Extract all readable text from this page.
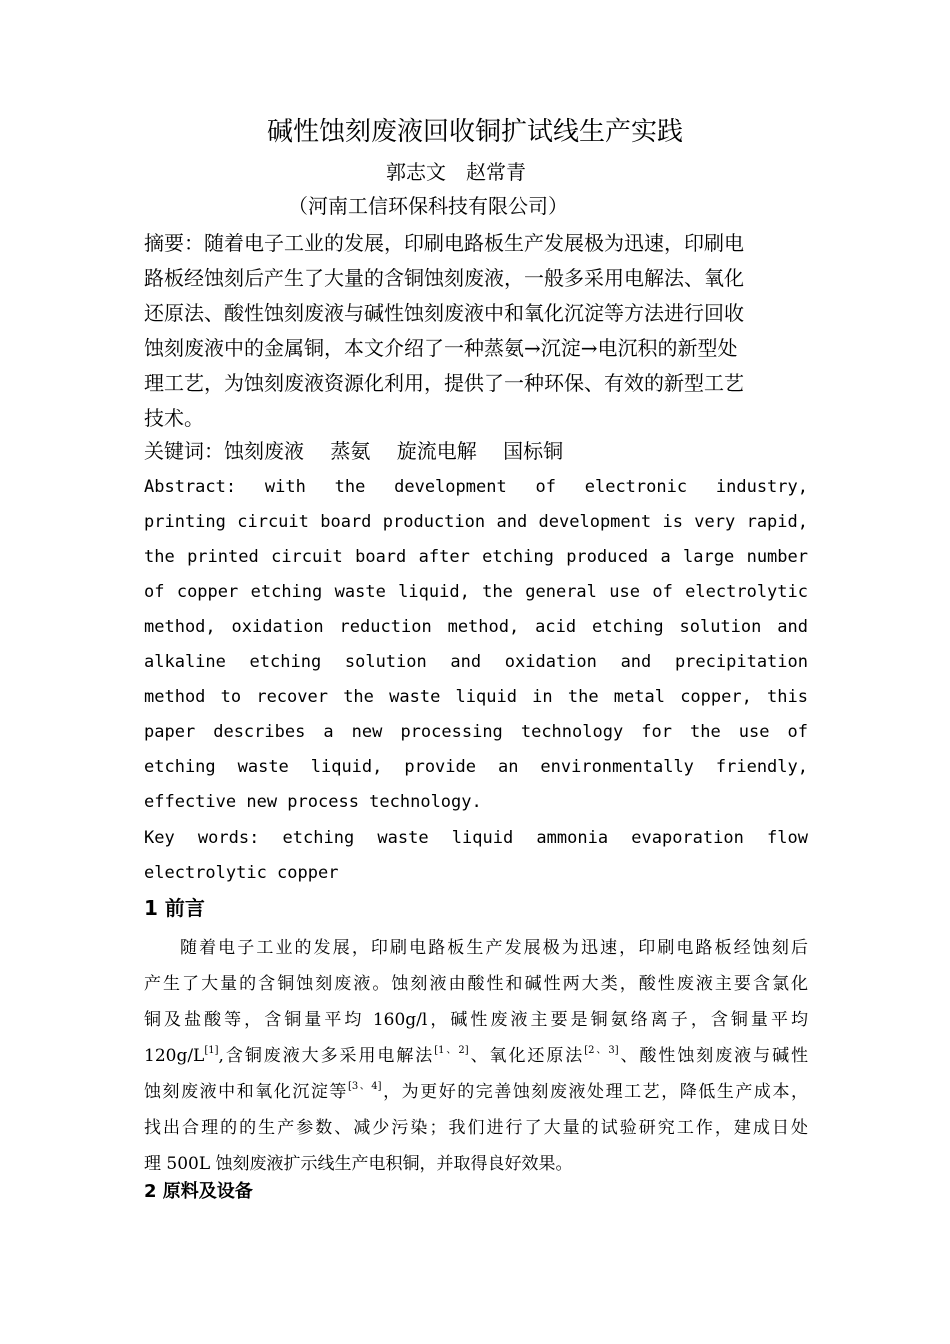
碱性蚀刻废液回收铜扩试线生产实践
郭志文　赵常青
（河南工信环保科技有限公司）
摘要：随着电子工业的发展，印刷电路板生产发展极为迅速，印刷电
路板经蚀刻后产生了大量的含铜蚀刻废液，一般多采用电解法、氧化
还原法、酸性蚀刻废液与碱性蚀刻废液中和氧化沉淀等方法进行回收
蚀刻废液中的金属铜，本文介绍了一种蒸氨→沉淀→电沉积的新型处
理工艺，为蚀刻废液资源化利用，提供了一种环保、有效的新型工艺
技术。
关键词：蚀刻废液　 蒸氨　 旋流电解　 国标铜
Abstract: with the development of electronic industry,
printing circuit board production and development is very rapid,
the printed circuit board after etching produced a large number
of copper etching waste liquid, the general use of electrolytic
method, oxidation reduction method, acid etching solution and
alkaline etching solution and oxidation and precipitation
method to recover the waste liquid in the metal copper, this
paper describes a new processing technology for the use of
etching waste liquid, provide an environmentally friendly,
effective new process technology.
Key words: etching waste liquid ammonia evaporation flow
electrolytic copper
1 前言
随着电子工业的发展，印刷电路板生产发展极为迅速，印刷电路板经蚀刻后
产生了大量的含铜蚀刻废液。蚀刻液由酸性和碱性两大类，酸性废液主要含氯化
铜及盐酸等，含铜量平均 160g/l，碱性废液主要是铜氨络离子，含铜量平均
120g/L[1],含铜废液大多采用电解法[1、2]、氧化还原法[2、3]、酸性蚀刻废液与碱性
蚀刻废液中和氧化沉淀等[3、4]，为更好的完善蚀刻废液处理工艺，降低生产成本，
找出合理的的生产参数、减少污染；我们进行了大量的试验研究工作，建成日处
理 500L 蚀刻废液扩示线生产电积铜，并取得良好效果。
2 原料及设备
